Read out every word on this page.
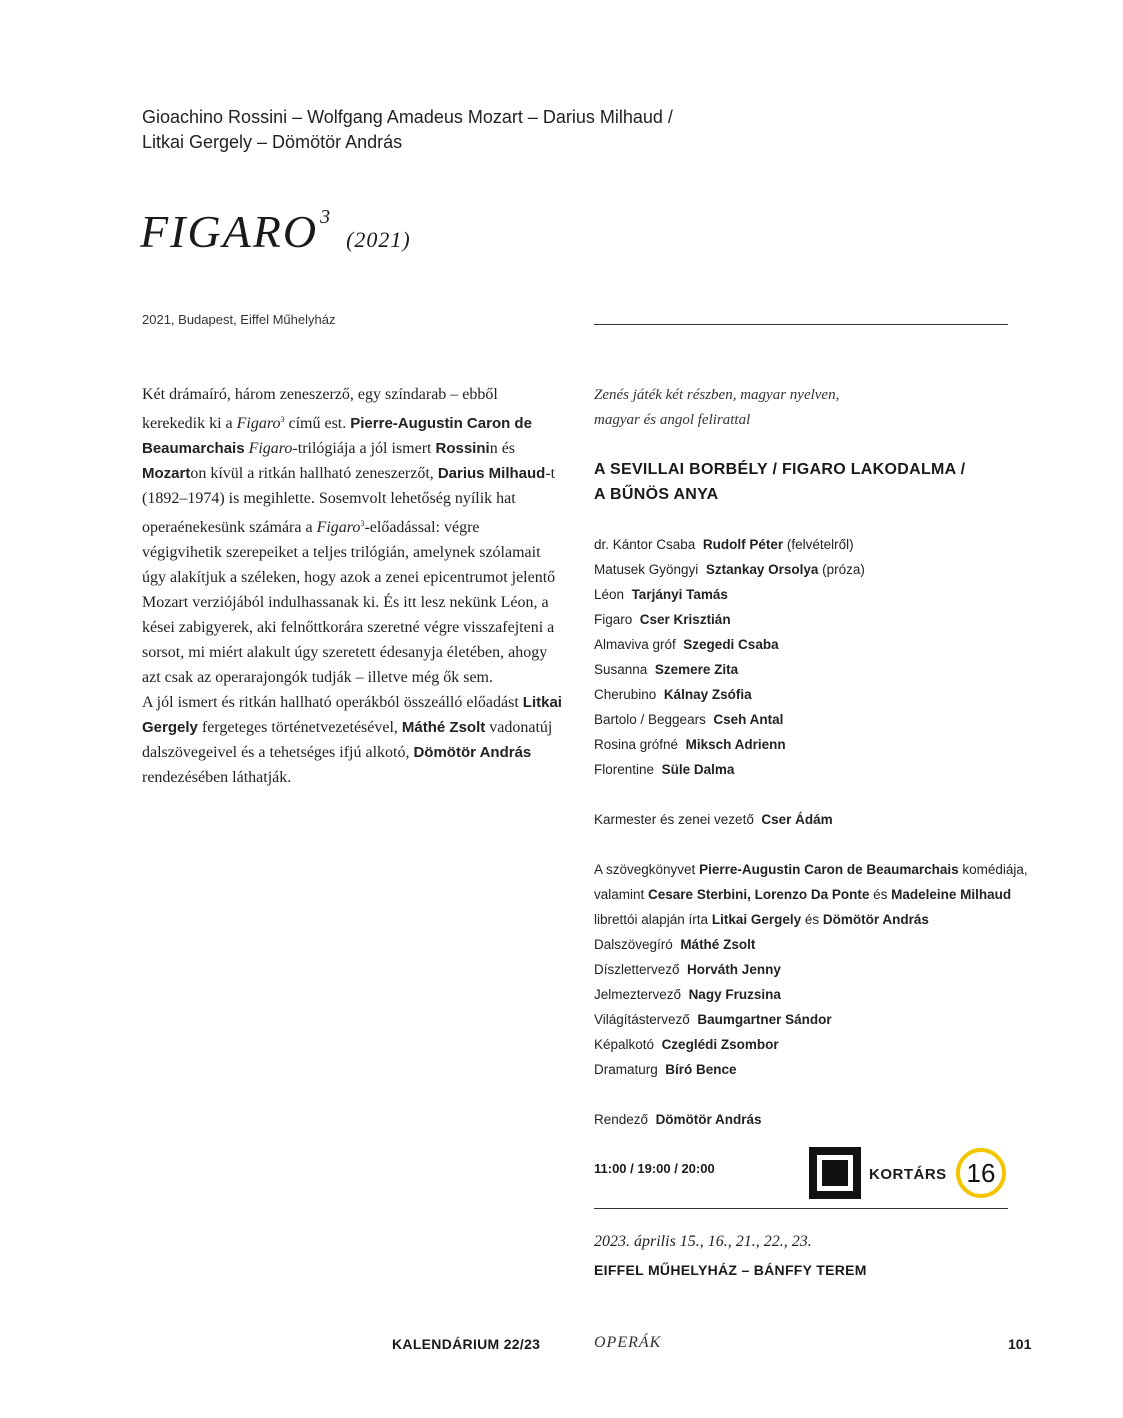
Gioachino Rossini – Wolfgang Amadeus Mozart – Darius Milhaud /
Litkai Gergely – Dömötör András
FIGARO 3(2021)
2021, Budapest, Eiffel Műhelyház

Két drámaíró, három zeneszerző, egy színdarab – ebből kerekedik ki a Figaro$^3$ című est. Pierre-Augustin Caron de Beaumarchais Figaro-trilógiája a jól ismert Rossinin és Mozarton kívül a ritkán hallható zeneszerzőt, Darius Milhaud-t (1892–1974) is megihlette. Sosemvolt lehetőség nyílik hat operaénekesünk számára a Figaro$^3$-előadással: végre végigvihetik szerepeiket a teljes trilógián, amelynek szólamait úgy alakítjuk a széleken, hogy azok a zenei epicentrumot jelentő Mozart verziójából indulhassanak ki. És itt lesz nekünk Léon, a kései zabigyerek, aki felnőttkorára szeretné végre visszafejteni a sorsot, mi miért alakult úgy szeretett édesanyja életében, ahogy azt csak az operarajongók tudják – illetve még ők sem.

A jól ismert és ritkán hallható operákból összeálló előadást Litkai Gergely fergeteges történetvezetésével, Máthé Zsolt vadonatúj dalszövegeivel és a tehetséges ifjú alkotó, Dömötör András rendezésében láthatják.

Zenés játék két részben, magyar nyelven,
magyar és angol felirattal
A SEVILLAI BORBÉLY / FIGARO LAKODALMA /
A BŰNÖS ANYA
dr. Kántor Csaba Rudolf Péter (felvételről)
Matusek Gyöngyi Sztankay Orsolya (próza)
Léon Tarjányi Tamás
Figaro Cser Krisztián
Almaviva gróf Szegedi Csaba
Susanna Szemere Zita
Cherubino Kálnay Zsófia
Bartolo / Beggears Cseh Antal
Rosina grófné Miksch Adrienn
Florentine Süle Dalma
Karmester és zenei vezető Cser Ádám
A szövegkönyvet Pierre-Augustin Caron de Beaumarchais komédiája,
valamint Cesare Sterbini, Lorenzo Da Ponte és Madeleine Milhaud
librettói alapján írta Litkai Gergely és Dömötör András
Dalszövegíró Máthé Zsolt
Díszlettervező Horváth Jenny
Jelmeztervező Nagy Fruzsina
Világítástervező Baumgartner Sándor
Képalkotó Czeglédi Zsombor
Dramaturg Bíró Bence
Rendező Dömötör András
11:00 / 19:00 / 20:00	KORTÁRS 16
2023. április 15., 16., 21., 22., 23.
EIFFEL MŰHELYHÁZ – BÁNFFY TEREM
KALENDÁRIUM 22/23	OPERÁK	101
